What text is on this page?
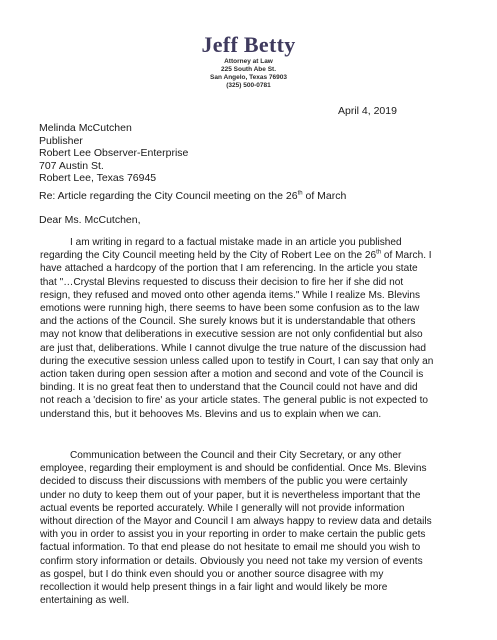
Jeff Betty
Attorney at Law
225 South Abe St.
San Angelo, Texas 76903
(325) 500-0781
April 4, 2019
Melinda McCutchen
Publisher
Robert Lee Observer-Enterprise
707 Austin St.
Robert Lee, Texas 76945
Re: Article regarding the City Council meeting on the 26th of March
Dear Ms. McCutchen,

I am writing in regard to a factual mistake made in an article you published
regarding the City Council meeting held by the City of Robert Lee on the 26th of March. I
have attached a hardcopy of the portion that I am referencing. In the article you state
that "…Crystal Blevins requested to discuss their decision to fire her if she did not
resign, they refused and moved onto other agenda items." While I realize Ms. Blevins
emotions were running high, there seems to have been some confusion as to the law
and the actions of the Council. She surely knows but it is understandable that others
may not know that deliberations in executive session are not only confidential but also
are just that, deliberations. While I cannot divulge the true nature of the discussion had
during the executive session unless called upon to testify in Court, I can say that only an
action taken during open session after a motion and second and vote of the Council is
binding. It is no great feat then to understand that the Council could not have and did
not reach a 'decision to fire' as your article states. The general public is not expected to
understand this, but it behooves Ms. Blevins and us to explain when we can.

Communication between the Council and their City Secretary, or any other
employee, regarding their employment is and should be confidential. Once Ms. Blevins
decided to discuss their discussions with members of the public you were certainly
under no duty to keep them out of your paper, but it is nevertheless important that the
actual events be reported accurately. While I generally will not provide information
without direction of the Mayor and Council I am always happy to review data and details
with you in order to assist you in your reporting in order to make certain the public gets
factual information. To that end please do not hesitate to email me should you wish to
confirm story information or details. Obviously you need not take my version of events
as gospel, but I do think even should you or another source disagree with my
recollection it would help present things in a fair light and would likely be more
entertaining as well.
